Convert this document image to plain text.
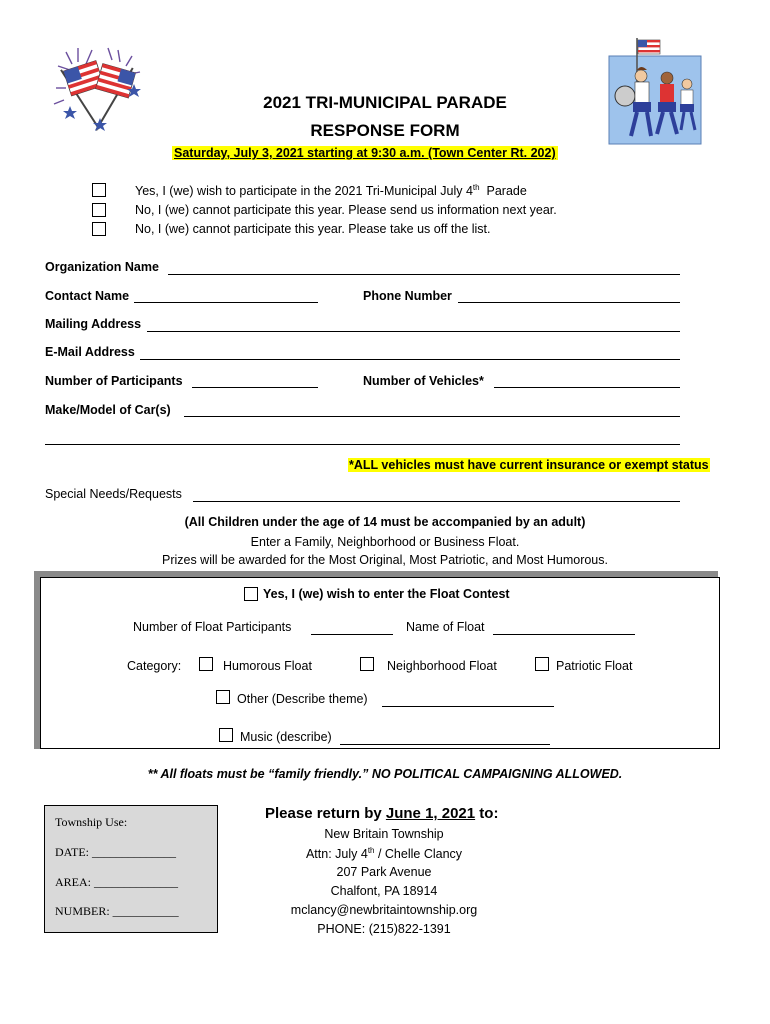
2021 TRI-MUNICIPAL PARADE
RESPONSE FORM
Saturday, July 3, 2021 starting at 9:30 a.m. (Town Center Rt. 202)
Yes, I (we) wish to participate in the 2021 Tri-Municipal July 4th  Parade
No, I (we) cannot participate this year. Please send us information next year.
No, I (we) cannot participate this year. Please take us off the list.
Organization Name
Contact Name	Phone Number
Mailing Address
E-Mail Address
Number of Participants	Number of Vehicles*
Make/Model of Car(s)
*ALL vehicles must have current insurance or exempt status
Special Needs/Requests
(All Children under the age of 14 must be accompanied by an adult)
Enter a Family, Neighborhood or Business Float.
Prizes will be awarded for the Most Original, Most Patriotic, and Most Humorous.
Yes, I (we) wish to enter the Float Contest
Number of Float Participants	Name of Float
Category:	Humorous Float	Neighborhood Float	Patriotic Float
Other (Describe theme)
Music (describe)
** All floats must be “family friendly.” NO POLITICAL CAMPAIGNING ALLOWED.
Township Use:
DATE: ______________
AREA: ______________
NUMBER: ___________
Please return by June 1, 2021 to:
New Britain Township
Attn: July 4th / Chelle Clancy
207 Park Avenue
Chalfont, PA 18914
mclancy@newbritaintownship.org
PHONE: (215)822-1391
